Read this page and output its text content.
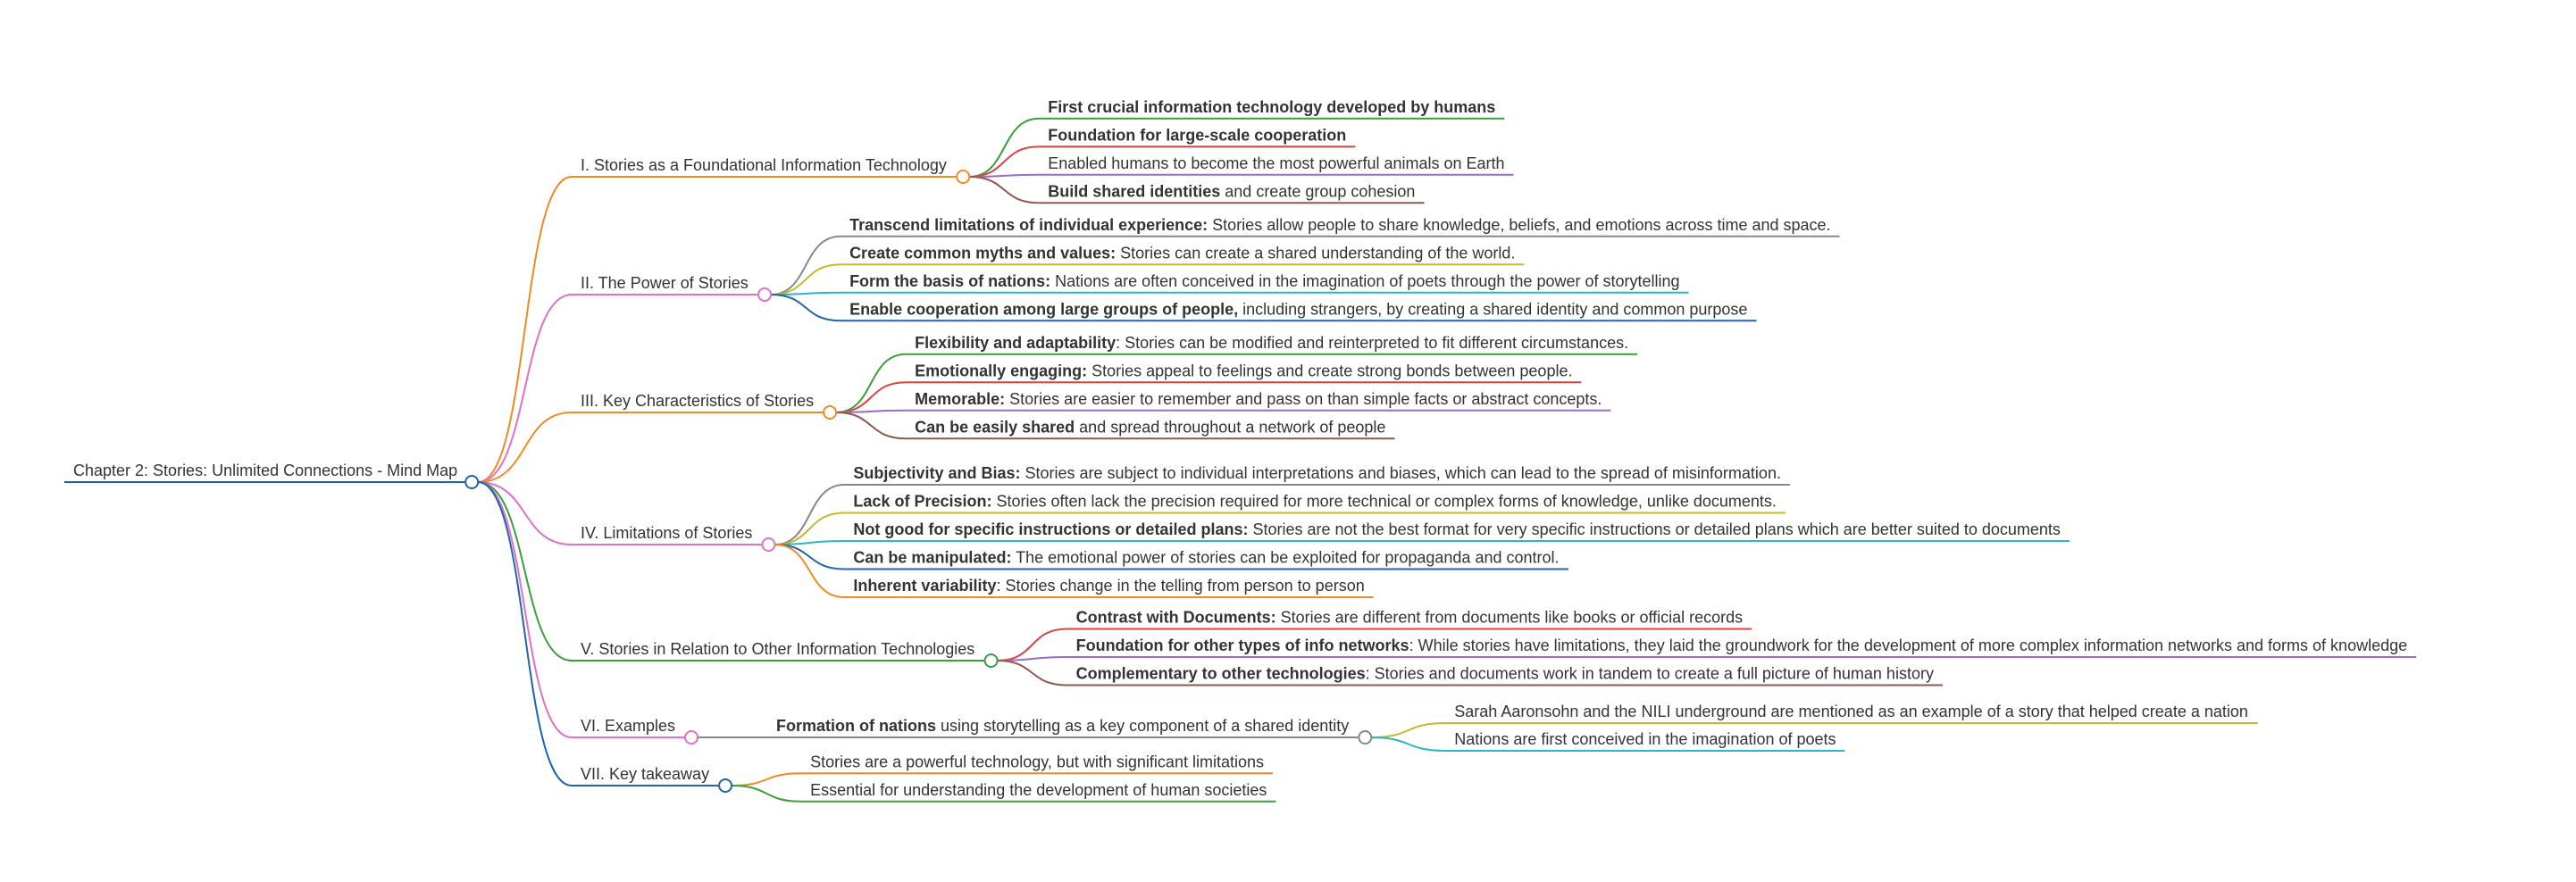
Chapter 2: Stories: Unlimited Connections - Mind Map
I. Stories as a Foundational Information Technology
First crucial information technology developed by humans
Foundation for large-scale cooperation
Enabled humans to become the most powerful animals on Earth
Build shared identities and create group cohesion
II. The Power of Stories
Transcend limitations of individual experience: Stories allow people to share knowledge, beliefs, and emotions across time and space.
Create common myths and values: Stories can create a shared understanding of the world.
Form the basis of nations: Nations are often conceived in the imagination of poets through the power of storytelling
Enable cooperation among large groups of people, including strangers, by creating a shared identity and common purpose
III. Key Characteristics of Stories
Flexibility and adaptability: Stories can be modified and reinterpreted to fit different circumstances.
Emotionally engaging: Stories appeal to feelings and create strong bonds between people.
Memorable: Stories are easier to remember and pass on than simple facts or abstract concepts.
Can be easily shared and spread throughout a network of people
IV. Limitations of Stories
Subjectivity and Bias: Stories are subject to individual interpretations and biases, which can lead to the spread of misinformation.
Lack of Precision: Stories often lack the precision required for more technical or complex forms of knowledge, unlike documents.
Not good for specific instructions or detailed plans: Stories are not the best format for very specific instructions or detailed plans which are better suited to documents
Can be manipulated: The emotional power of stories can be exploited for propaganda and control.
Inherent variability: Stories change in the telling from person to person
V. Stories in Relation to Other Information Technologies
Contrast with Documents: Stories are different from documents like books or official records
Foundation for other types of info networks: While stories have limitations, they laid the groundwork for the development of more complex information networks and forms of knowledge
Complementary to other technologies: Stories and documents work in tandem to create a full picture of human history
VI. Examples	Formation of nations using storytelling as a key component of a shared identity
Sarah Aaronsohn and the NILI underground are mentioned as an example of a story that helped create a nation
Nations are first conceived in the imagination of poets
VII. Key takeaway
Stories are a powerful technology, but with significant limitations
Essential for understanding the development of human societies
